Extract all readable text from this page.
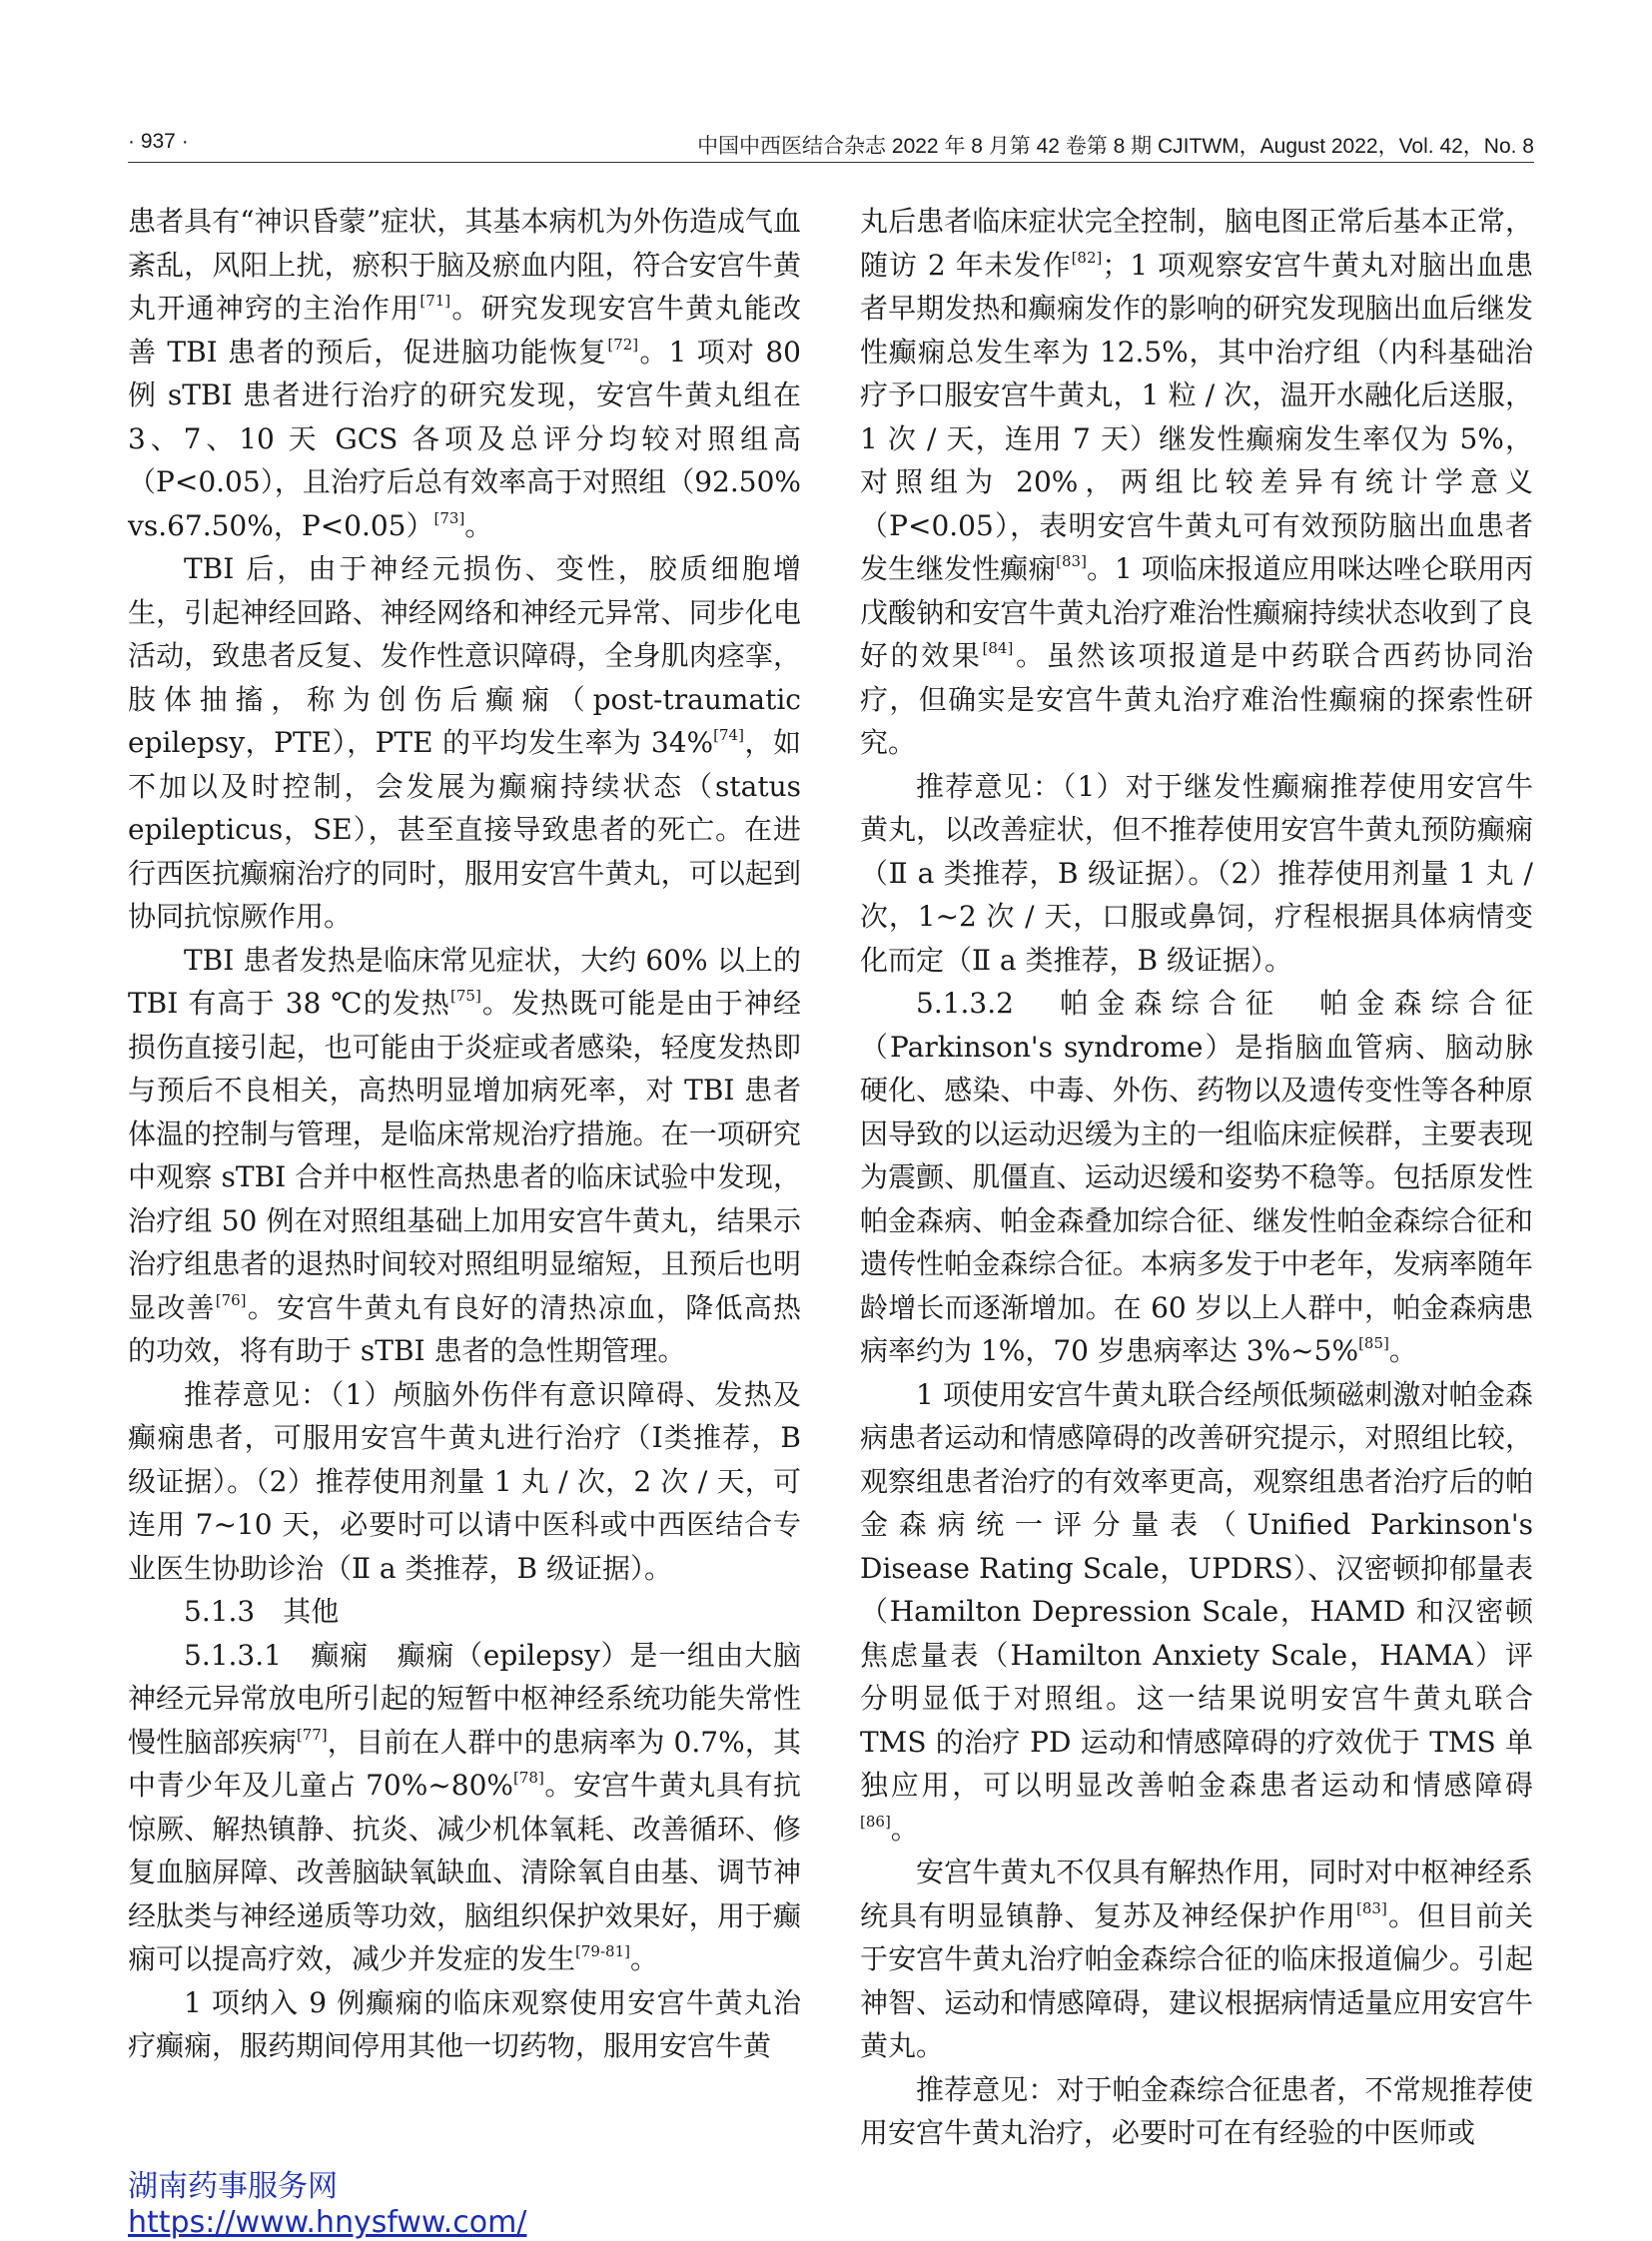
· 937 ·	中国中西医结合杂志 2022 年 8 月第 42 卷第 8 期 CJITWM，August 2022，Vol. 42，No. 8

患者具有“神识昏蒙”症状，其基本病机为外伤造成气血紊乱，风阳上扰，瘀积于脑及瘀血内阻，符合安宫牛黄丸开通神窍的主治作用[71]。研究发现安宫牛黄丸能改善 TBI 患者的预后，促进脑功能恢复[72]。1 项对 80 例 sTBI 患者进行治疗的研究发现，安宫牛黄丸组在 3、7、10 天 GCS 各项及总评分均较对照组高（P<0.05），且治疗后总有效率高于对照组（92.50% vs.67.50%，P<0.05）[73]。

TBI 后，由于神经元损伤、变性，胶质细胞增生，引起神经回路、神经网络和神经元异常、同步化电活动，致患者反复、发作性意识障碍，全身肌肉痉挛，肢体抽搐，称为创伤后癫痫（post-traumatic epilepsy，PTE），PTE 的平均发生率为 34%[74]，如不加以及时控制，会发展为癫痫持续状态（status epilepticus，SE），甚至直接导致患者的死亡。在进行西医抗癫痫治疗的同时，服用安宫牛黄丸，可以起到协同抗惊厥作用。

TBI 患者发热是临床常见症状，大约 60% 以上的 TBI 有高于 38 ℃的发热[75]。发热既可能是由于神经损伤直接引起，也可能由于炎症或者感染，轻度发热即与预后不良相关，高热明显增加病死率，对 TBI 患者体温的控制与管理，是临床常规治疗措施。在一项研究中观察 sTBI 合并中枢性高热患者的临床试验中发现，治疗组 50 例在对照组基础上加用安宫牛黄丸，结果示治疗组患者的退热时间较对照组明显缩短，且预后也明显改善[76]。安宫牛黄丸有良好的清热凉血，降低高热的功效，将有助于 sTBI 患者的急性期管理。

推荐意见：（1）颅脑外伤伴有意识障碍、发热及癫痫患者，可服用安宫牛黄丸进行治疗（Ⅰ类推荐，B 级证据）。（2）推荐使用剂量 1 丸 / 次，2 次 / 天，可连用 7~10 天，必要时可以请中医科或中西医结合专业医生协助诊治（Ⅱ a 类推荐，B 级证据）。

5.1.3　其他

5.1.3.1　癫痫　癫痫（epilepsy）是一组由大脑神经元异常放电所引起的短暂中枢神经系统功能失常性慢性脑部疾病[77]，目前在人群中的患病率为 0.7%，其中青少年及儿童占 70%~80%[78]。安宫牛黄丸具有抗惊厥、解热镇静、抗炎、减少机体氧耗、改善循环、修复血脑屏障、改善脑缺氧缺血、清除氧自由基、调节神经肽类与神经递质等功效，脑组织保护效果好，用于癫痫可以提高疗效，减少并发症的发生[79-81]。

1 项纳入 9 例癫痫的临床观察使用安宫牛黄丸治疗癫痫，服药期间停用其他一切药物，服用安宫牛黄

丸后患者临床症状完全控制，脑电图正常后基本正常，随访 2 年未发作[82]；1 项观察安宫牛黄丸对脑出血患者早期发热和癫痫发作的影响的研究发现脑出血后继发性癫痫总发生率为 12.5%，其中治疗组（内科基础治疗予口服安宫牛黄丸，1 粒 / 次，温开水融化后送服，1 次 / 天，连用 7 天）继发性癫痫发生率仅为 5%，对照组为 20%，两组比较差异有统计学意义（P<0.05），表明安宫牛黄丸可有效预防脑出血患者发生继发性癫痫[83]。1 项临床报道应用咪达唑仑联用丙戊酸钠和安宫牛黄丸治疗难治性癫痫持续状态收到了良好的效果[84]。虽然该项报道是中药联合西药协同治疗，但确实是安宫牛黄丸治疗难治性癫痫的探索性研究。

推荐意见：（1）对于继发性癫痫推荐使用安宫牛黄丸，以改善症状，但不推荐使用安宫牛黄丸预防癫痫（Ⅱ a 类推荐，B 级证据）。（2）推荐使用剂量 1 丸 / 次，1~2 次 / 天，口服或鼻饲，疗程根据具体病情变化而定（Ⅱ a 类推荐，B 级证据）。

5.1.3.2　帕金森综合征　帕金森综合征（Parkinson's syndrome）是指脑血管病、脑动脉硬化、感染、中毒、外伤、药物以及遗传变性等各种原因导致的以运动迟缓为主的一组临床症候群，主要表现为震颤、肌僵直、运动迟缓和姿势不稳等。包括原发性帕金森病、帕金森叠加综合征、继发性帕金森综合征和遗传性帕金森综合征。本病多发于中老年，发病率随年龄增长而逐渐增加。在 60 岁以上人群中，帕金森病患病率约为 1%，70 岁患病率达 3%~5%[85]。

1 项使用安宫牛黄丸联合经颅低频磁刺激对帕金森病患者运动和情感障碍的改善研究提示，对照组比较，观察组患者治疗的有效率更高，观察组患者治疗后的帕金森病统一评分量表（Unified Parkinson's Disease Rating Scale，UPDRS）、汉密顿抑郁量表（Hamilton Depression Scale，HAMD 和汉密顿焦虑量表（Hamilton Anxiety Scale，HAMA）评分明显低于对照组。这一结果说明安宫牛黄丸联合 TMS 的治疗 PD 运动和情感障碍的疗效优于 TMS 单独应用，可以明显改善帕金森患者运动和情感障碍[86]。

安宫牛黄丸不仅具有解热作用，同时对中枢神经系统具有明显镇静、复苏及神经保护作用[83]。但目前关于安宫牛黄丸治疗帕金森综合征的临床报道偏少。引起神智、运动和情感障碍，建议根据病情适量应用安宫牛黄丸。

推荐意见：对于帕金森综合征患者，不常规推荐使用安宫牛黄丸治疗，必要时可在有经验的中医师或

湖南药事服务网
https://www.hnysfww.com/
